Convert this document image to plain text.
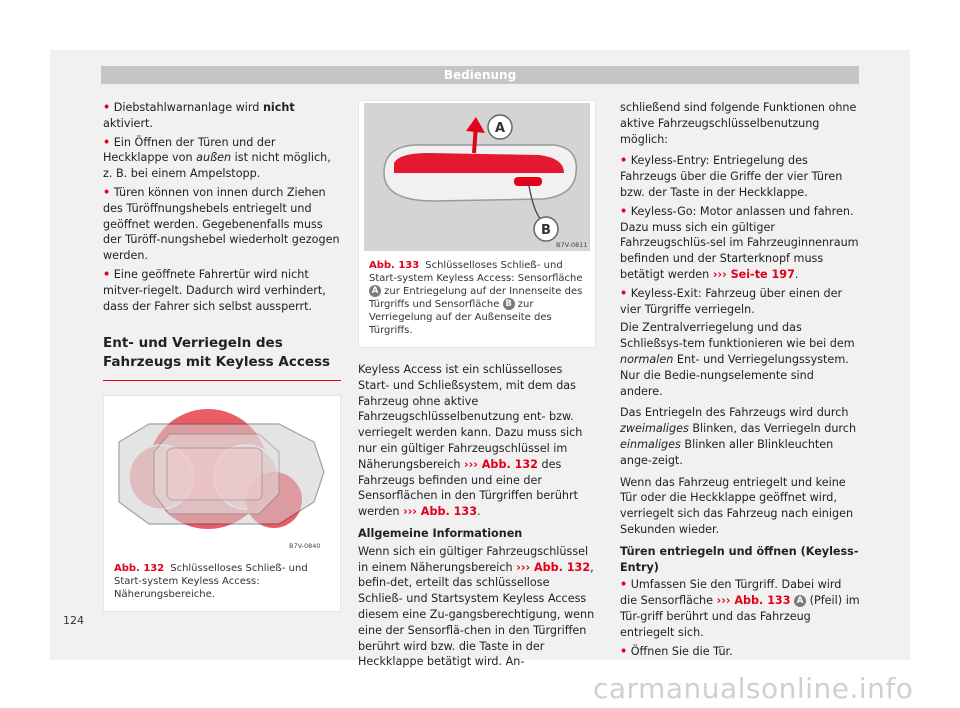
Bedienung

• Diebstahlwarnanlage wird nicht aktiviert.

• Ein Öffnen der Türen und der Heckklappe von außen ist nicht möglich, z. B. bei einem Ampelstopp.

• Türen können von innen durch Ziehen des Türöffnungshebels entriegelt und geöffnet werden. Gegebenenfalls muss der Türöff-nungshebel wiederholt gezogen werden.

• Eine geöffnete Fahrertür wird nicht mitver-riegelt. Dadurch wird verhindert, dass der Fahrer sich selbst aussperrt.

Ent- und Verriegeln des Fahrzeugs mit Keyless Access
B7V-0840
Abb. 132 Schlüsselloses Schließ- und Start-system Keyless Access: Näherungsbereiche.
A
B
B7V-0811
Abb. 133 Schlüsselloses Schließ- und Start-system Keyless Access: Sensorfläche A zur Entriegelung auf der Innenseite des Türgriffs und Sensorfläche B zur Verriegelung auf der Außenseite des Türgriffs.

Keyless Access ist ein schlüsselloses Start- und Schließsystem, mit dem das Fahrzeug ohne aktive Fahrzeugschlüsselbenutzung ent- bzw. verriegelt werden kann. Dazu muss sich nur ein gültiger Fahrzeugschlüssel im Näherungsbereich ››› Abb. 132 des Fahrzeugs befinden und eine der Sensorflächen in den Türgriffen berührt werden ››› Abb. 133.

Allgemeine Informationen

Wenn sich ein gültiger Fahrzeugschlüssel in einem Näherungsbereich ››› Abb. 132, befin-det, erteilt das schlüssellose Schließ- und Startsystem Keyless Access diesem eine Zu-gangsberechtigung, wenn eine der Sensorflä-chen in den Türgriffen berührt wird bzw. die Taste in der Heckklappe betätigt wird. An-

schließend sind folgende Funktionen ohne aktive Fahrzeugschlüsselbenutzung möglich:

• Keyless-Entry: Entriegelung des Fahrzeugs über die Griffe der vier Türen bzw. der Taste in der Heckklappe.

• Keyless-Go: Motor anlassen und fahren. Dazu muss sich ein gültiger Fahrzeugschlüs-sel im Fahrzeuginnenraum befinden und der Starterknopf muss betätigt werden ››› Sei-te 197.

• Keyless-Exit: Fahrzeug über einen der vier Türgriffe verriegeln.

Die Zentralverriegelung und das Schließsys-tem funktionieren wie bei dem normalen Ent- und Verriegelungssystem. Nur die Bedie-nungselemente sind andere.

Das Entriegeln des Fahrzeugs wird durch zweimaliges Blinken, das Verriegeln durch einmaliges Blinken aller Blinkleuchten ange-zeigt.

Wenn das Fahrzeug entriegelt und keine Tür oder die Heckklappe geöffnet wird, verriegelt sich das Fahrzeug nach einigen Sekunden wieder.

Türen entriegeln und öffnen (Keyless-Entry)

• Umfassen Sie den Türgriff. Dabei wird die Sensorfläche ››› Abb. 133 A (Pfeil) im Tür-griff berührt und das Fahrzeug entriegelt sich.

• Öffnen Sie die Tür.

124
carmanualsonline.info
